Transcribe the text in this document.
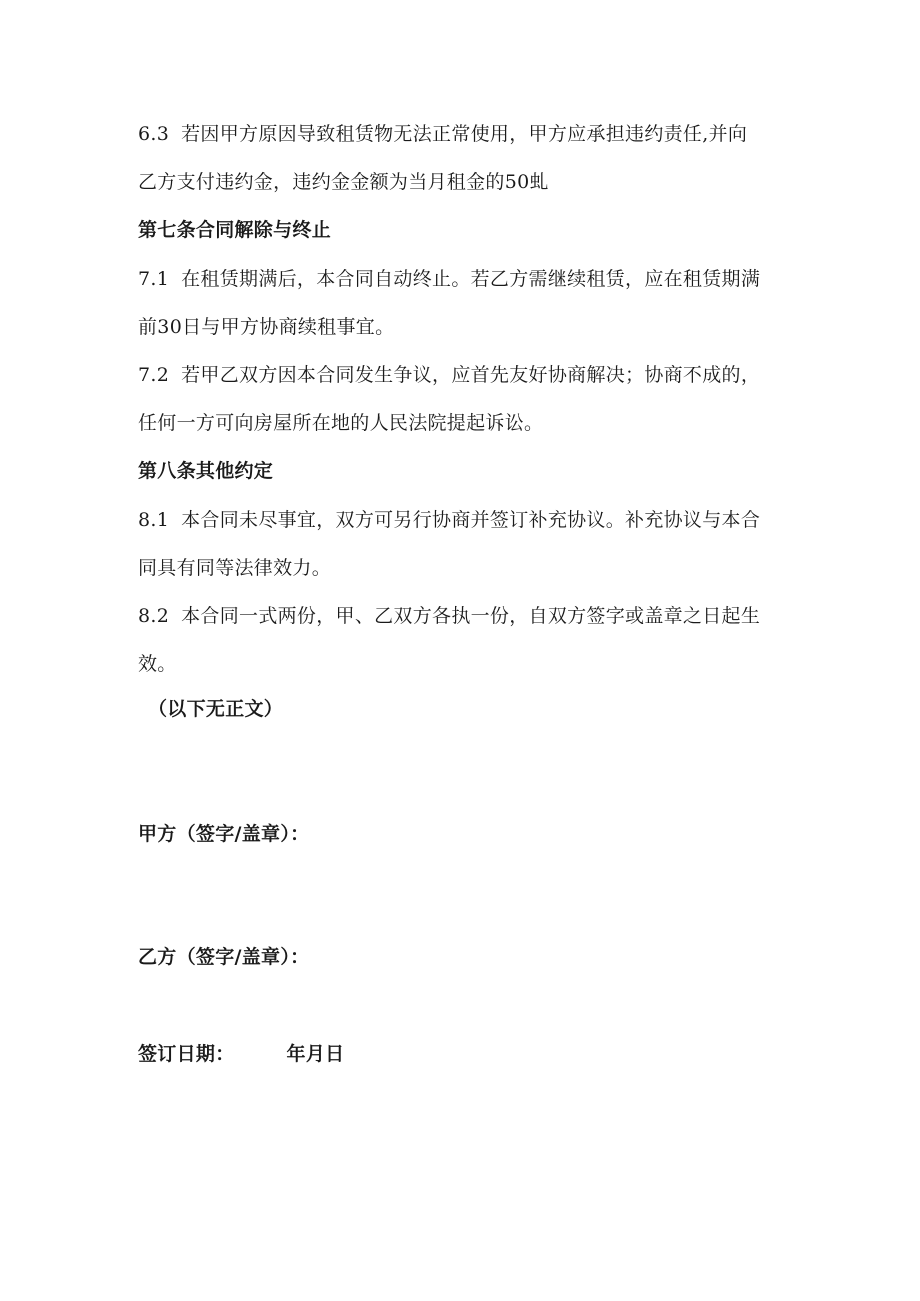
6.3 若因甲方原因导致租赁物无法正常使用，甲方应承担违约责任,并向
乙方支付违约金，违约金金额为当月租金的50虬
第七条合同解除与终止
7.1 在租赁期满后，本合同自动终止。若乙方需继续租赁，应在租赁期满
前30日与甲方协商续租事宜。
7.2 若甲乙双方因本合同发生争议，应首先友好协商解决；协商不成的，
任何一方可向房屋所在地的人民法院提起诉讼。
第八条其他约定
8.1 本合同未尽事宜，双方可另行协商并签订补充协议。补充协议与本合
同具有同等法律效力。
8.2 本合同一式两份，甲、乙双方各执一份，自双方签字或盖章之日起生
效。
（以下无正文）
甲方（签字/盖章）：
乙方（签字/盖章）：
签订日期：	年月日
